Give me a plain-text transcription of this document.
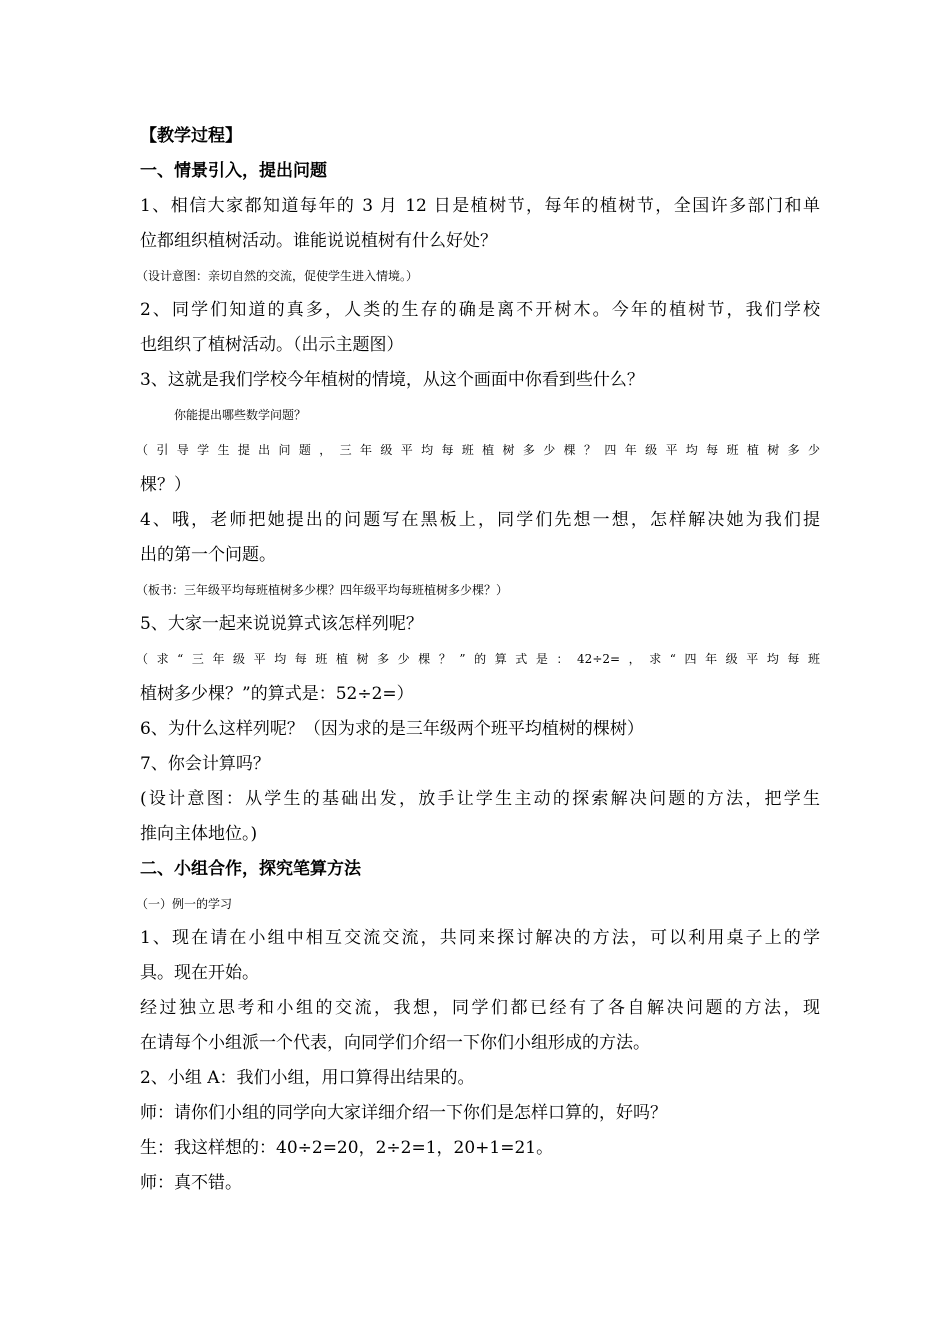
【教学过程】
一、情景引入，提出问题
1、相信大家都知道每年的 3 月 12 日是植树节，每年的植树节，全国许多部门和单
位都组织植树活动。谁能说说植树有什么好处？
（设计意图：亲切自然的交流，促使学生进入情境。）
2、同学们知道的真多，人类的生存的确是离不开树木。今年的植树节，我们学校
也组织了植树活动。（出示主题图）
3、这就是我们学校今年植树的情境，从这个画面中你看到些什么？
你能提出哪些数学问题？
（引导学生提出问题，三年级平均每班植树多少棵？四年级平均每班植树多少
棵？）
4、哦，老师把她提出的问题写在黑板上，同学们先想一想，怎样解决她为我们提
出的第一个问题。
（板书：三年级平均每班植树多少棵？四年级平均每班植树多少棵？）
5、大家一起来说说算式该怎样列呢？
（求“三年级平均每班植树多少棵？”的算式是：42÷2=，求“四年级平均每班
植树多少棵？”的算式是：52÷2=）
6、为什么这样列呢？（因为求的是三年级两个班平均植树的棵树）
7、你会计算吗？
(设计意图：从学生的基础出发，放手让学生主动的探索解决问题的方法，把学生
推向主体地位。)
二、小组合作，探究笔算方法
（一）例一的学习
1、现在请在小组中相互交流交流，共同来探讨解决的方法，可以利用桌子上的学
具。现在开始。
经过独立思考和小组的交流，我想，同学们都已经有了各自解决问题的方法，现
在请每个小组派一个代表，向同学们介绍一下你们小组形成的方法。
2、小组 A：我们小组，用口算得出结果的。
师：请你们小组的同学向大家详细介绍一下你们是怎样口算的，好吗？
生：我这样想的：40÷2=20，2÷2=1，20+1=21。
师：真不错。
